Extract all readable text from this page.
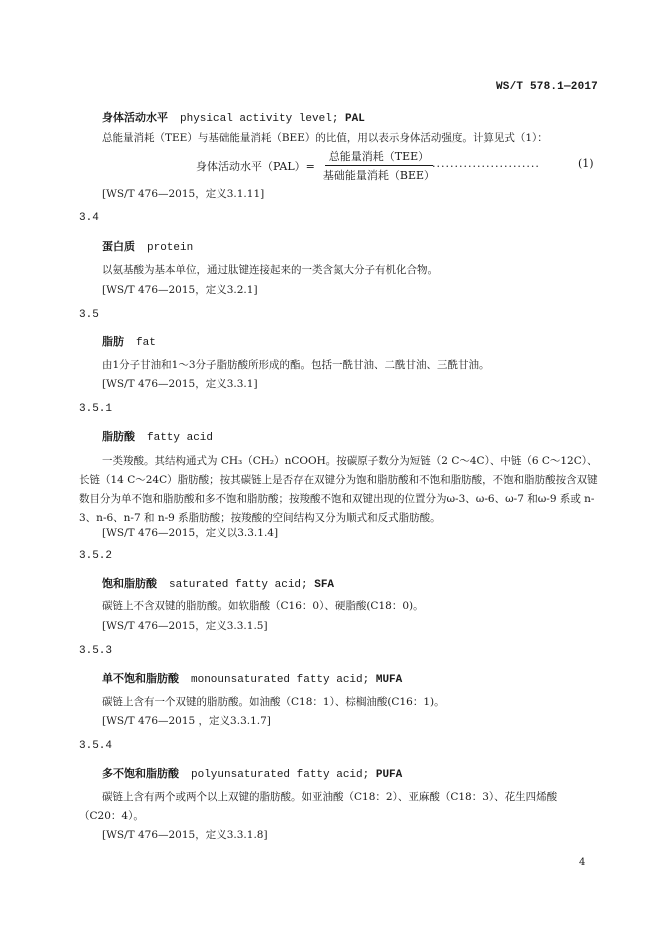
WS/T 578.1—2017
身体活动水平 physical activity level; PAL
总能量消耗（TEE）与基础能量消耗（BEE）的比值，用以表示身体活动强度。计算见式（1）：
身体活动水平$(PAL)= \frac{\text{总能量消耗（TEE）}}{\text{基础能量消耗（BEE）}}$
........................	(1)
[WS/T 476—2015，定义3.1.11]
3.4
蛋白质 protein
以氨基酸为基本单位，通过肽键连接起来的一类含氮大分子有机化合物。
[WS/T 476—2015，定义3.2.1]
3.5
脂肪 fat
由1分子甘油和1～3分子脂肪酸所形成的酯。包括一酰甘油、二酰甘油、三酰甘油。
[WS/T 476—2015，定义3.3.1]
3.5.1
脂肪酸 fatty acid
一类羧酸。其结构通式为 CH₃（CH₂）nCOOH。按碳原子数分为短链（2 C～4C）、中链（6 C～12C）、长链（14 C～24C）脂肪酸；按其碳链上是否存在双键分为饱和脂肪酸和不饱和脂肪酸，不饱和脂肪酸按含双键数目分为单不饱和脂肪酸和多不饱和脂肪酸；按羧酸不饱和双键出现的位置分为ω-3、ω-6、ω-7 和ω-9 系或 n-3、n-6、n-7 和 n-9 系脂肪酸；按羧酸的空间结构又分为顺式和反式脂肪酸。
[WS/T 476—2015，定义以3.3.1.4]
3.5.2
饱和脂肪酸 saturated fatty acid; SFA
碳链上不含双键的脂肪酸。如软脂酸（C16：0）、硬脂酸(C18：0)。
[WS/T 476—2015，定义3.3.1.5]
3.5.3
单不饱和脂肪酸 monounsaturated fatty acid; MUFA
碳链上含有一个双键的脂肪酸。如油酸（C18：1）、棕榈油酸(C16：1)。
[WS/T 476—2015 ，定义3.3.1.7]
3.5.4
多不饱和脂肪酸 polyunsaturated fatty acid; PUFA
碳链上含有两个或两个以上双键的脂肪酸。如亚油酸（C18：2）、亚麻酸（C18：3）、花生四烯酸（C20：4）。
[WS/T 476—2015，定义3.3.1.8]
4
